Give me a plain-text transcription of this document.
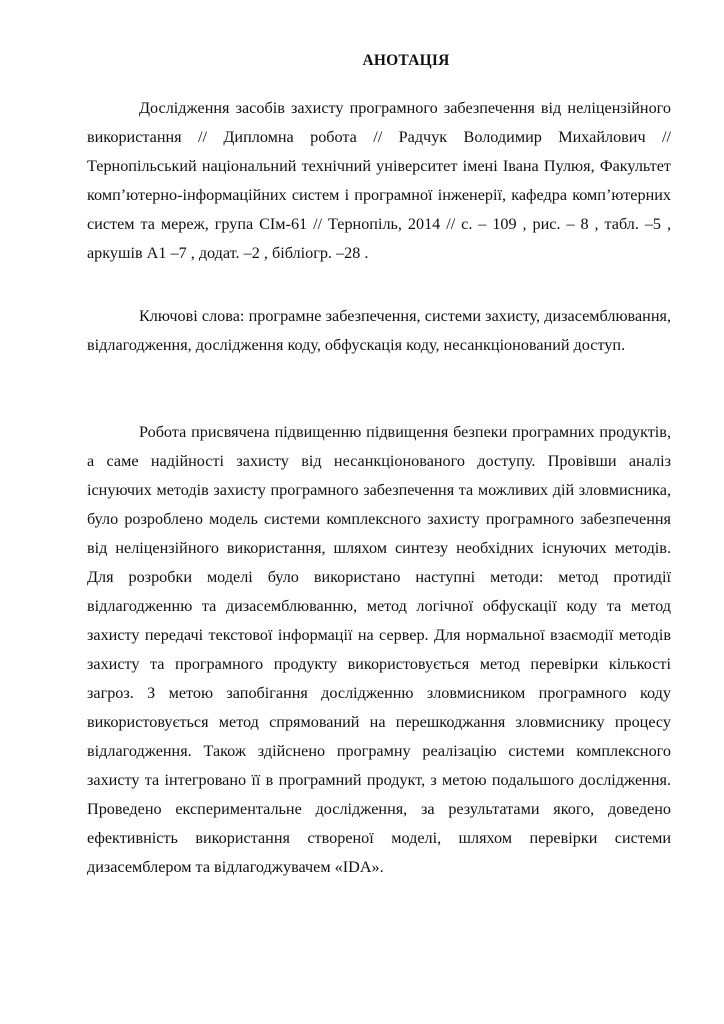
АНОТАЦІЯ

Дослідження засобів захисту програмного забезпечення від неліцензійного використання // Дипломна робота // Радчук Володимир Михайлович // Тернопільський національний технічний університет імені Івана Пулюя, Факультет комп’ютерно-інформаційних систем і програмної інженерії, кафедра комп’ютерних систем та мереж, група СІм-61 // Тернопіль, 2014 // с. – 109 , рис. – 8 , табл. –5 , аркушів А1 –7 , додат. –2 , бібліогр. –28 .

Ключові слова: програмне забезпечення, системи захисту, дизасемблювання, відлагодження, дослідження коду, обфускація коду, несанкціонований доступ.

Робота присвячена підвищенню підвищення безпеки програмних продуктів, а саме надійності захисту від несанкціонованого доступу. Провівши аналіз існуючих методів захисту програмного забезпечення та можливих дій зловмисника, було розроблено модель системи комплексного захисту програмного забезпечення від неліцензійного використання, шляхом синтезу необхідних існуючих методів. Для розробки моделі було використано наступні методи: метод протидії відлагодженню та дизасемблюванню, метод логічної обфускації коду та метод захисту передачі текстової інформації на сервер. Для нормальної взаємодії методів захисту та програмного продукту використовується метод перевірки кількості загроз. З метою запобігання дослідженню зловмисником програмного коду використовується метод спрямований на перешкоджання зловмиснику процесу відлагодження. Також здійснено програмну реалізацію системи комплексного захисту та інтегровано її в програмний продукт, з метою подальшого дослідження. Проведено експериментальне дослідження, за результатами якого, доведено ефективність використання створеної моделі, шляхом перевірки системи дизасемблером та відлагоджувачем «IDA».
